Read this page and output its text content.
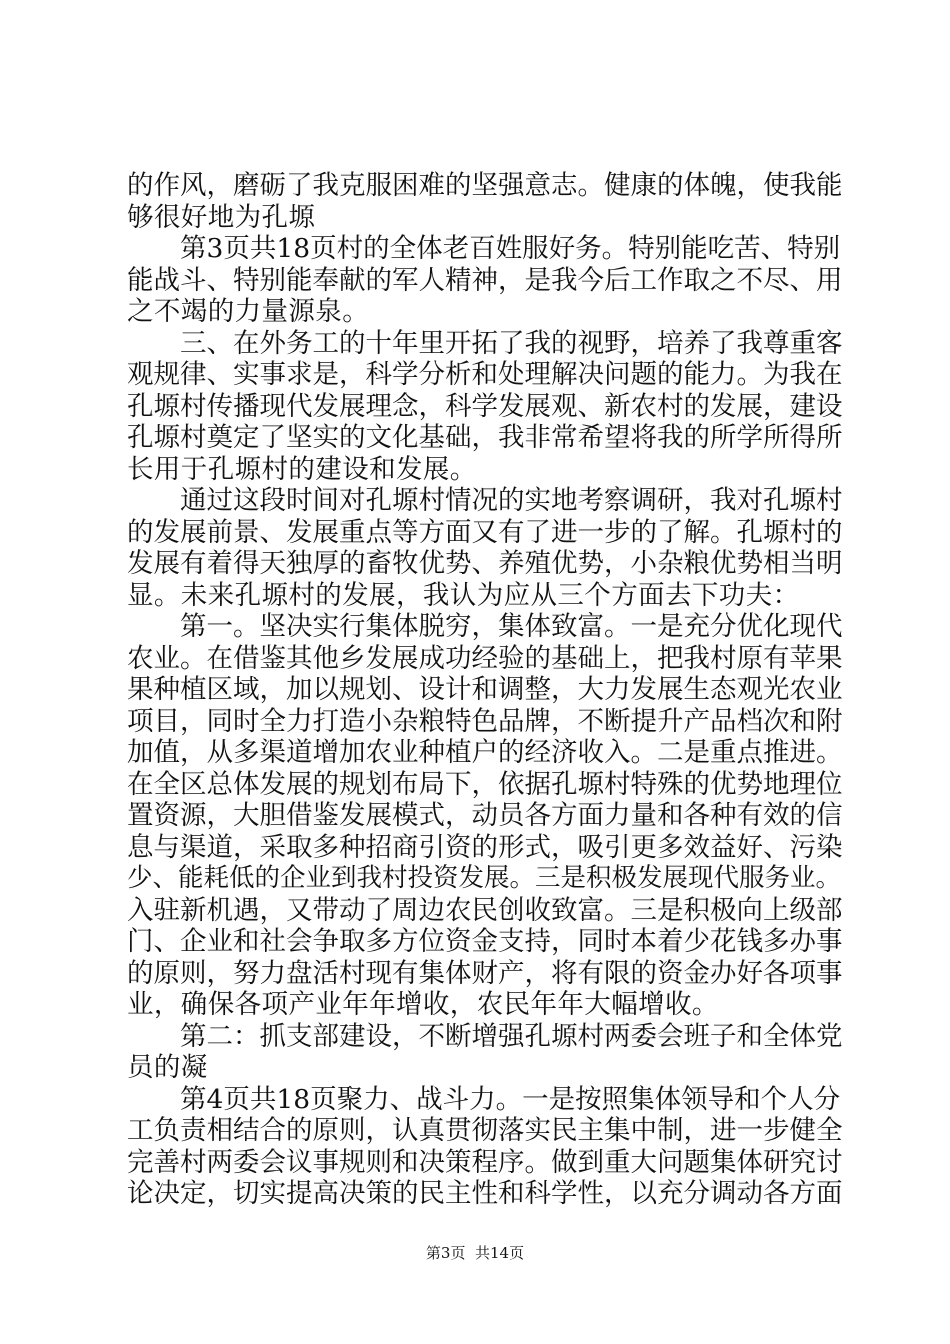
的作风，磨砺了我克服困难的坚强意志。健康的体魄，使我能
够很好地为孔塬
　　第3页共18页村的全体老百姓服好务。特别能吃苦、特别
能战斗、特别能奉献的军人精神，是我今后工作取之不尽、用
之不竭的力量源泉。
　　三、在外务工的十年里开拓了我的视野，培养了我尊重客
观规律、实事求是，科学分析和处理解决问题的能力。为我在
孔塬村传播现代发展理念，科学发展观、新农村的发展，建设
孔塬村奠定了坚实的文化基础，我非常希望将我的所学所得所
长用于孔塬村的建设和发展。
　　通过这段时间对孔塬村情况的实地考察调研，我对孔塬村
的发展前景、发展重点等方面又有了进一步的了解。孔塬村的
发展有着得天独厚的畜牧优势、养殖优势，小杂粮优势相当明
显。未来孔塬村的发展，我认为应从三个方面去下功夫：
　　第一。坚决实行集体脱穷，集体致富。一是充分优化现代
农业。在借鉴其他乡发展成功经验的基础上，把我村原有苹果
果种植区域，加以规划、设计和调整，大力发展生态观光农业
项目，同时全力打造小杂粮特色品牌，不断提升产品档次和附
加值，从多渠道增加农业种植户的经济收入。二是重点推进。
在全区总体发展的规划布局下，依据孔塬村特殊的优势地理位
置资源，大胆借鉴发展模式，动员各方面力量和各种有效的信
息与渠道，采取多种招商引资的形式，吸引更多效益好、污染
少、能耗低的企业到我村投资发展。三是积极发展现代服务业。
入驻新机遇，又带动了周边农民创收致富。三是积极向上级部
门、企业和社会争取多方位资金支持，同时本着少花钱多办事
的原则，努力盘活村现有集体财产，将有限的资金办好各项事
业，确保各项产业年年增收，农民年年大幅增收。
　　第二：抓支部建设，不断增强孔塬村两委会班子和全体党
员的凝
　　第4页共18页聚力、战斗力。一是按照集体领导和个人分
工负责相结合的原则，认真贯彻落实民主集中制，进一步健全
完善村两委会议事规则和决策程序。做到重大问题集体研究讨
论决定，切实提高决策的民主性和科学性，以充分调动各方面
第3页  共14页
